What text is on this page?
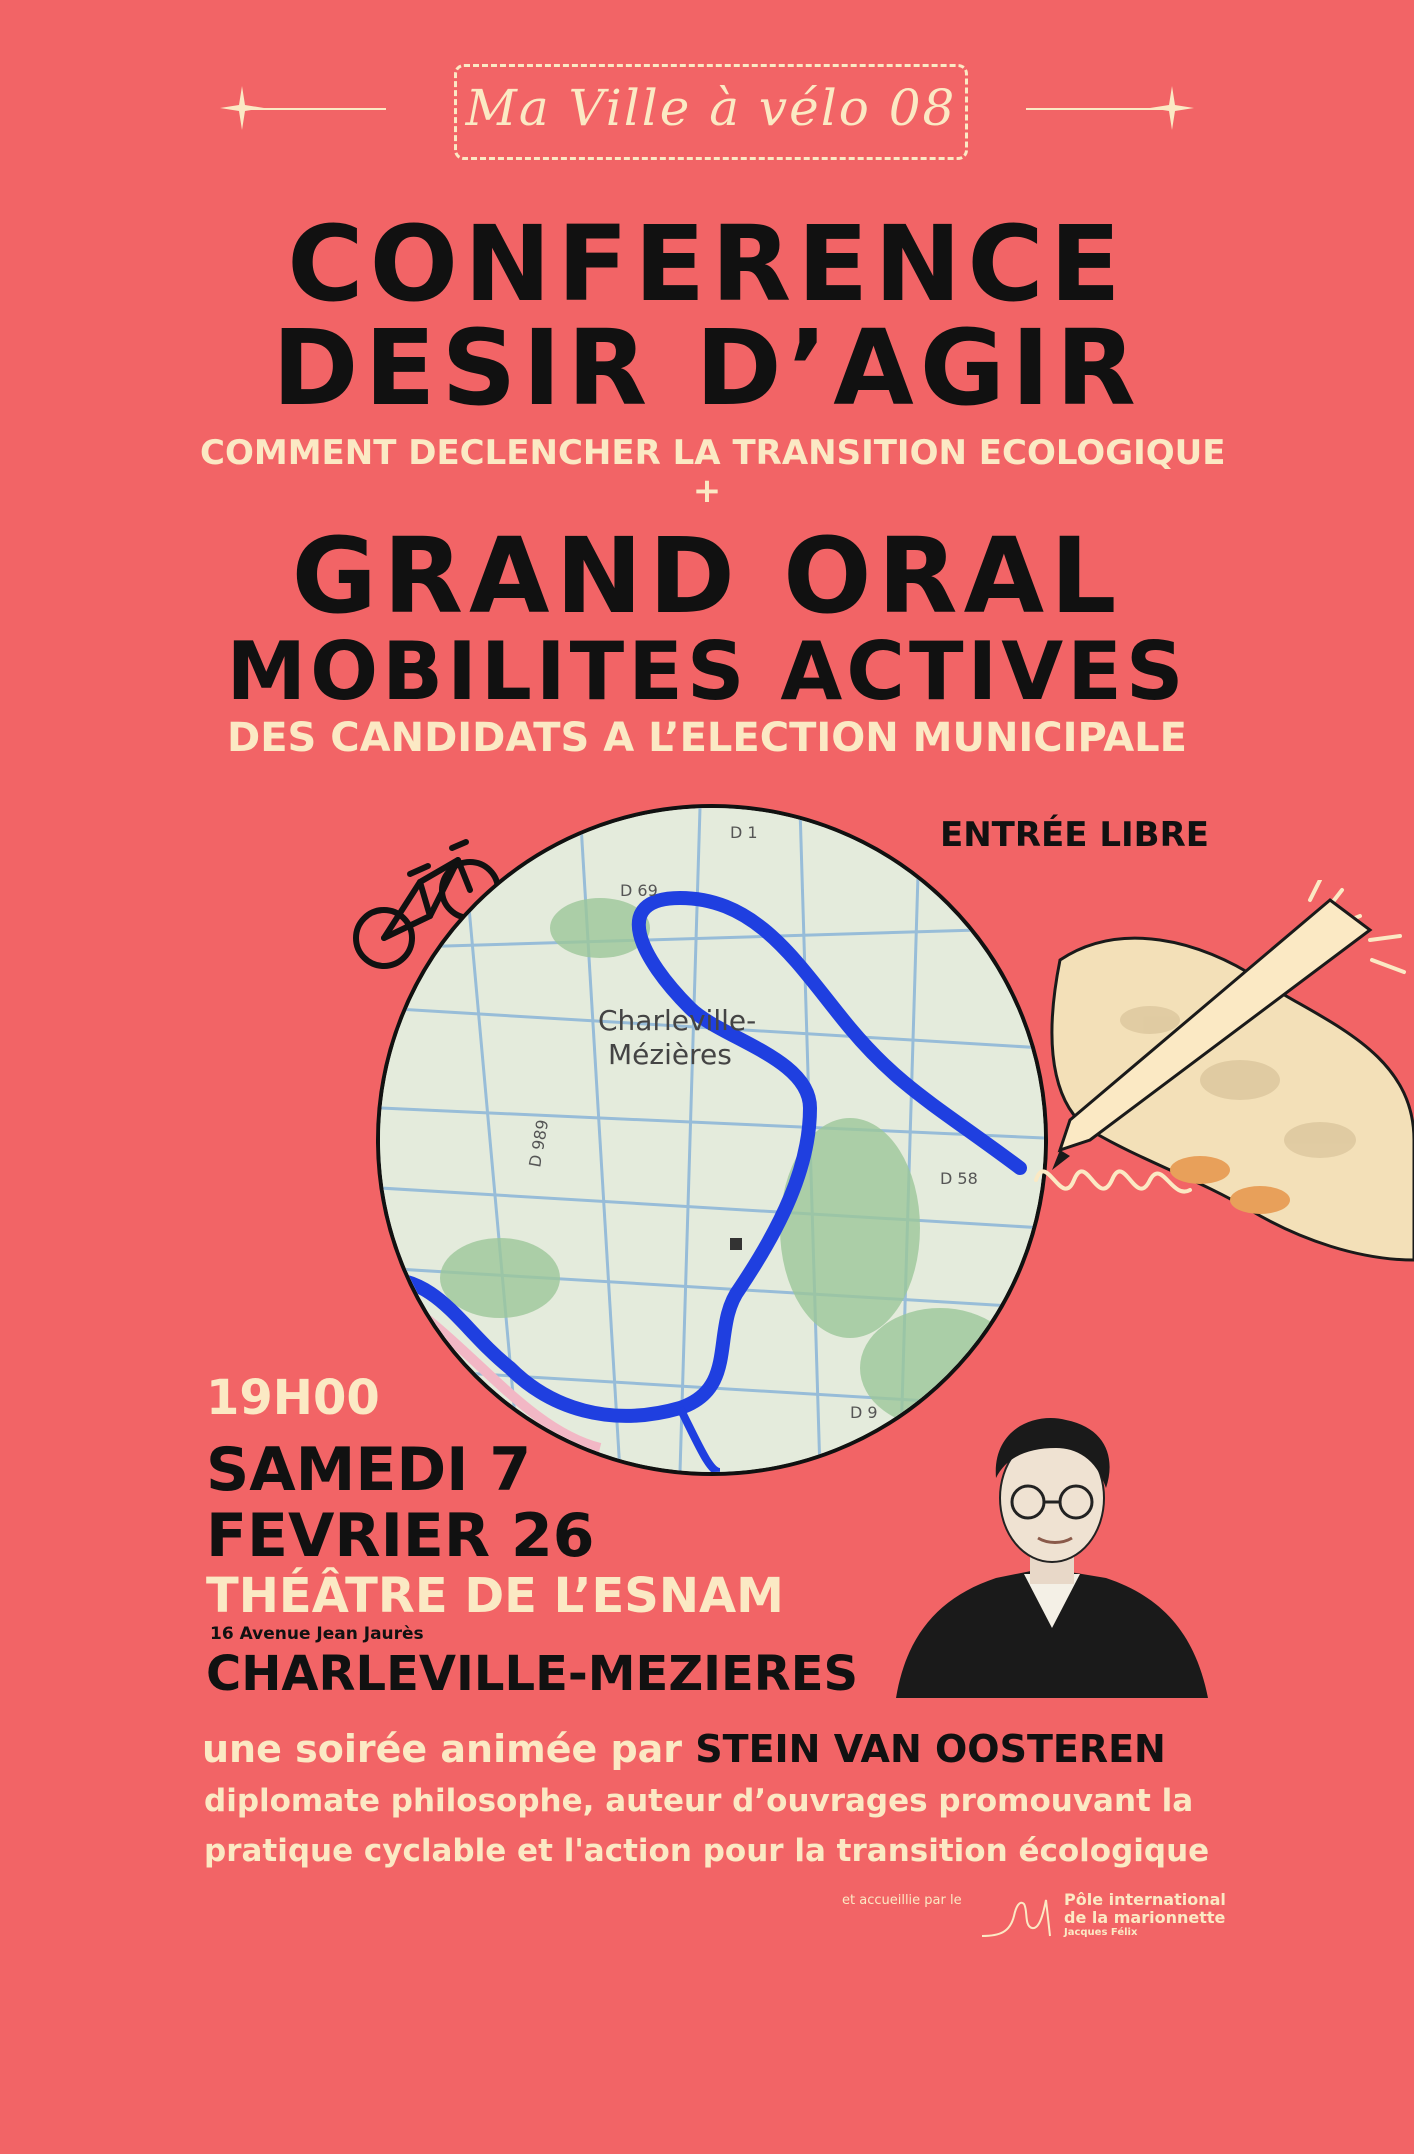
Ma Ville à vélo 08
CONFERENCE
DESIR D’AGIR
COMMENT DECLENCHER LA TRANSITION ECOLOGIQUE
+
GRAND ORAL
MOBILITES ACTIVES
DES CANDIDATS A L’ELECTION MUNICIPALE
ENTRÉE LIBRE
Charleville-
Mézières
D 1
D 69
D 58
D 989
D 9
19H00
SAMEDI 7
FEVRIER 26
THÉÂTRE DE L’ESNAM
16 Avenue Jean Jaurès
CHARLEVILLE-MEZIERES
une soirée animée par STEIN VAN OOSTEREN
diplomate philosophe, auteur d’ouvrages promouvant la
pratique cyclable et l'action pour la transition écologique
et accueillie par le	Pôle international
de la marionnette
Jacques Félix
